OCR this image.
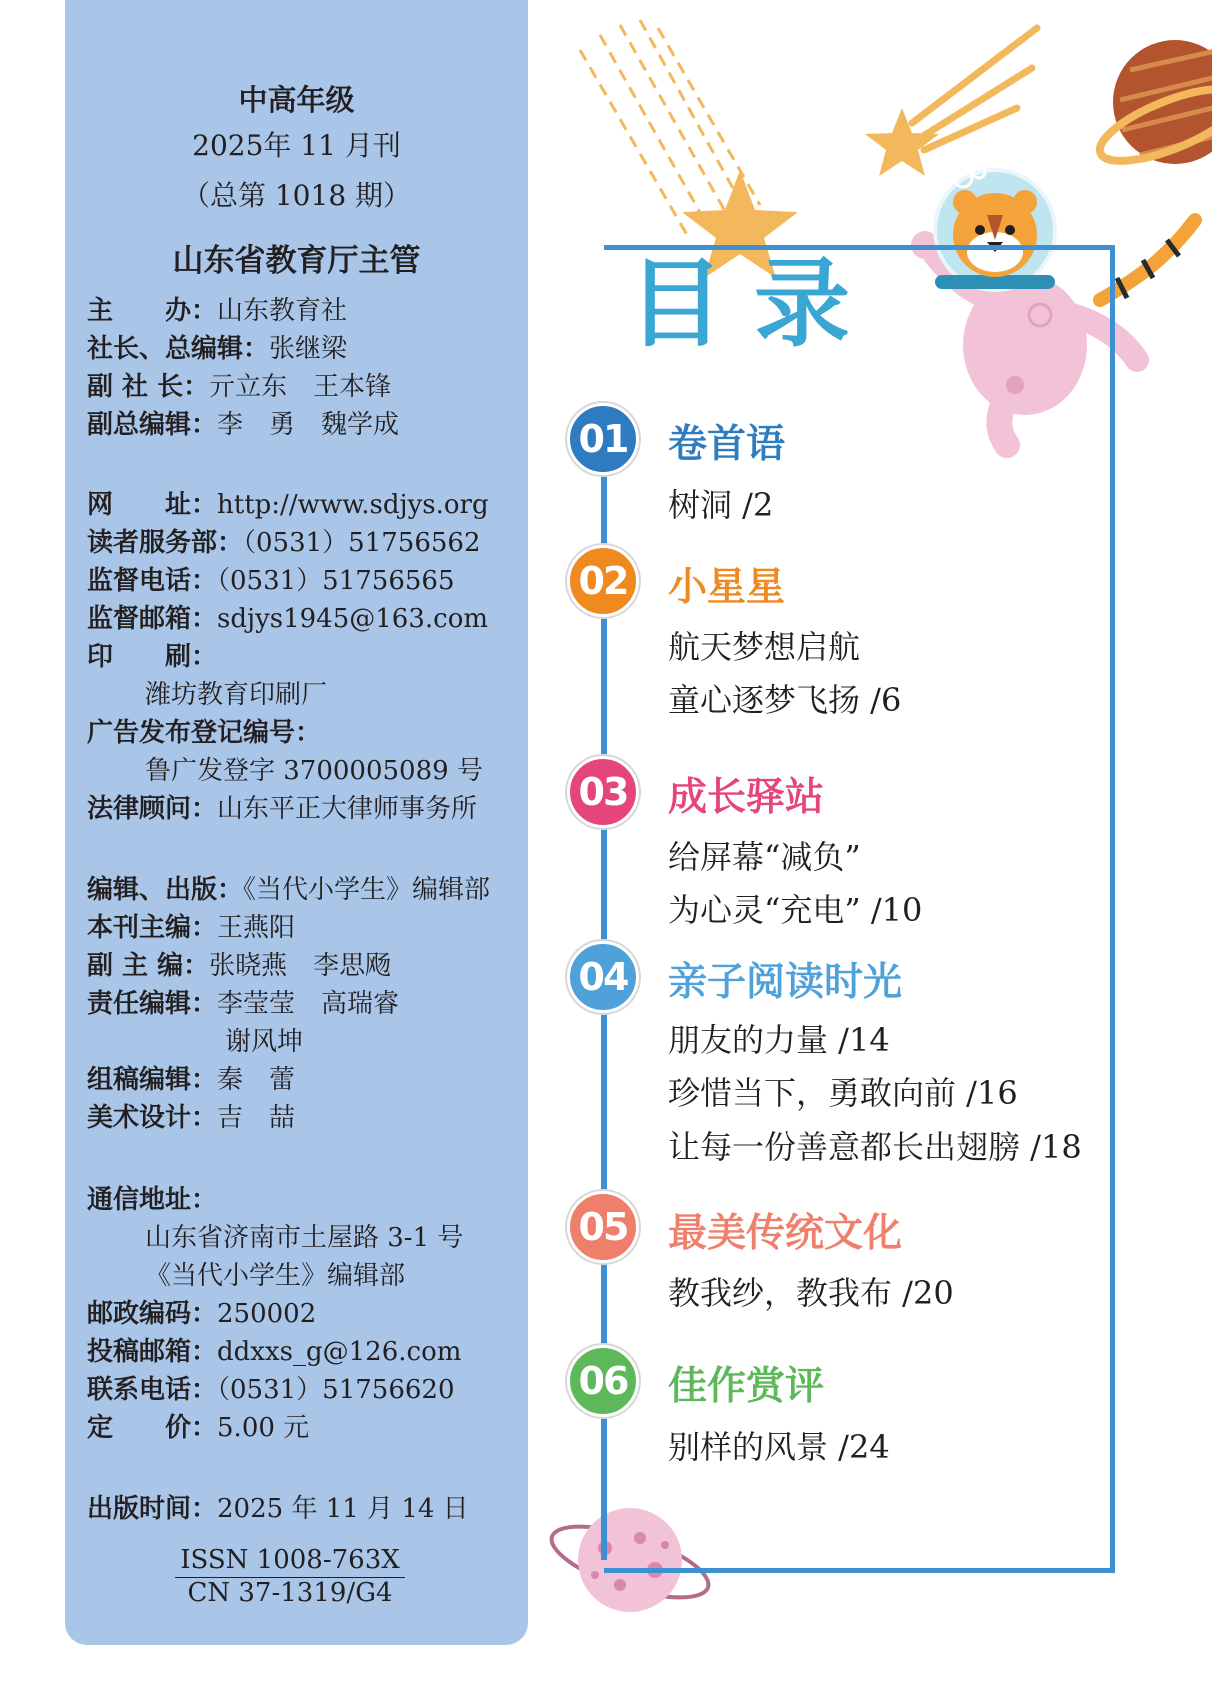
中高年级
2025年 11 月刊
（总第 1018 期）
山东省教育厅主管
主　　办：山东教育社
社长、总编辑：张继梁
副 社 长：亓立东　王本锋
副总编辑：李　勇　魏学成
网　　址：http://www.sdjys.org
读者服务部：（0531）51756562
监督电话：（0531）51756565
监督邮箱：sdjys1945@163.com
印　　刷：
潍坊教育印刷厂
广告发布登记编号：
鲁广发登字 3700005089 号
法律顾问：山东平正大律师事务所
编辑、出版：《当代小学生》编辑部
本刊主编：王燕阳
副 主 编：张晓燕　李思飏
责任编辑：李莹莹　高瑞睿
谢风坤
组稿编辑：秦　蕾
美术设计：吉　喆
通信地址：
山东省济南市土屋路 3-1 号
《当代小学生》编辑部
邮政编码：250002
投稿邮箱：ddxxs_g@126.com
联系电话：（0531）51756620
定　　价：5.00 元
出版时间：2025 年 11 月 14 日
ISSN 1008-763X
CN 37-1319/G4
目录
01 卷首语
树洞 /2
02 小星星
航天梦想启航
童心逐梦飞扬 /6
03 成长驿站
给屏幕“减负”
为心灵“充电” /10
04 亲子阅读时光
朋友的力量 /14
珍惜当下，勇敢向前 /16
让每一份善意都长出翅膀 /18
05 最美传统文化
教我纱，教我布 /20
06 佳作赏评
别样的风景 /24
